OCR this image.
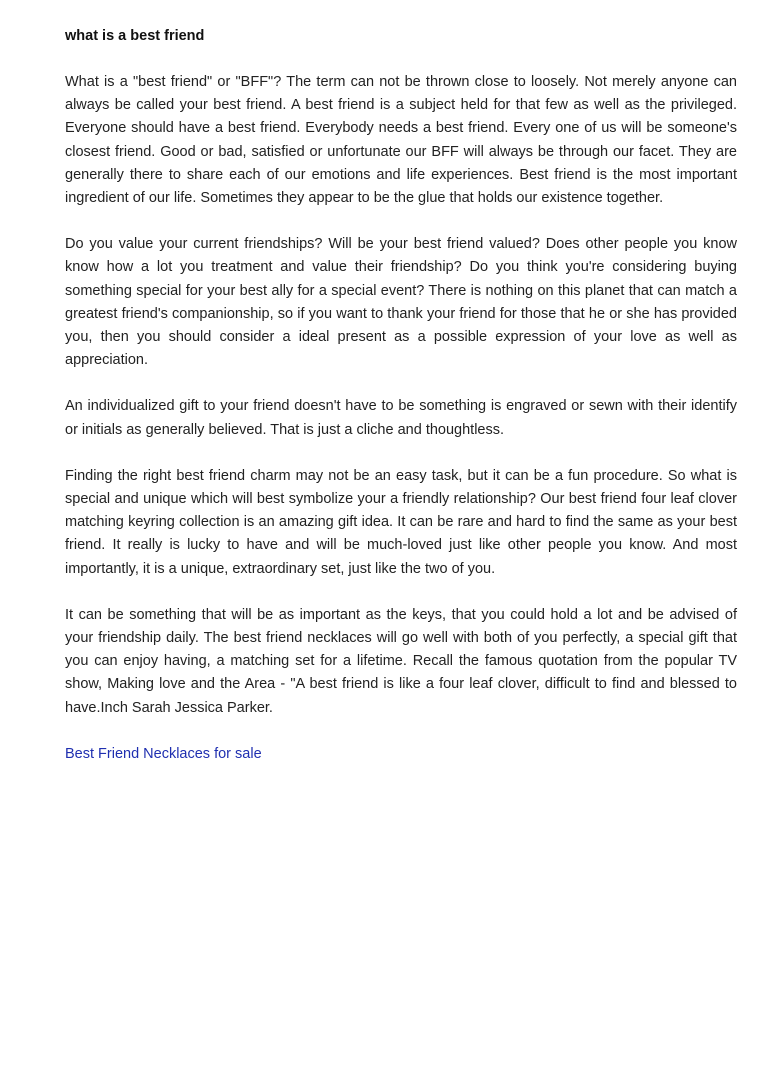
what is a best friend

What is a "best friend" or "BFF"? The term can not be thrown close to loosely. Not merely anyone can always be called your best friend. A best friend is a subject held for that few as well as the privileged. Everyone should have a best friend. Everybody needs a best friend. Every one of us will be someone's closest friend. Good or bad, satisfied or unfortunate our BFF will always be through our facet. They are generally there to share each of our emotions and life experiences. Best friend is the most important ingredient of our life. Sometimes they appear to be the glue that holds our existence together.

Do you value your current friendships? Will be your best friend valued? Does other people you know know how a lot you treatment and value their friendship? Do you think you're considering buying something special for your best ally for a special event? There is nothing on this planet that can match a greatest friend's companionship, so if you want to thank your friend for those that he or she has provided you, then you should consider a ideal present as a possible expression of your love as well as appreciation.

An individualized gift to your friend doesn't have to be something is engraved or sewn with their identify or initials as generally believed. That is just a cliche and thoughtless.

Finding the right best friend charm may not be an easy task, but it can be a fun procedure. So what is special and unique which will best symbolize your a friendly relationship? Our best friend four leaf clover matching keyring collection is an amazing gift idea. It can be rare and hard to find the same as your best friend. It really is lucky to have and will be much-loved just like other people you know. And most importantly, it is a unique, extraordinary set, just like the two of you.

It can be something that will be as important as the keys, that you could hold a lot and be advised of your friendship daily. The best friend necklaces will go well with both of you perfectly, a special gift that you can enjoy having, a matching set for a lifetime. Recall the famous quotation from the popular TV show, Making love and the Area - "A best friend is like a four leaf clover, difficult to find and blessed to have.Inch Sarah Jessica Parker.

Best Friend Necklaces for sale
